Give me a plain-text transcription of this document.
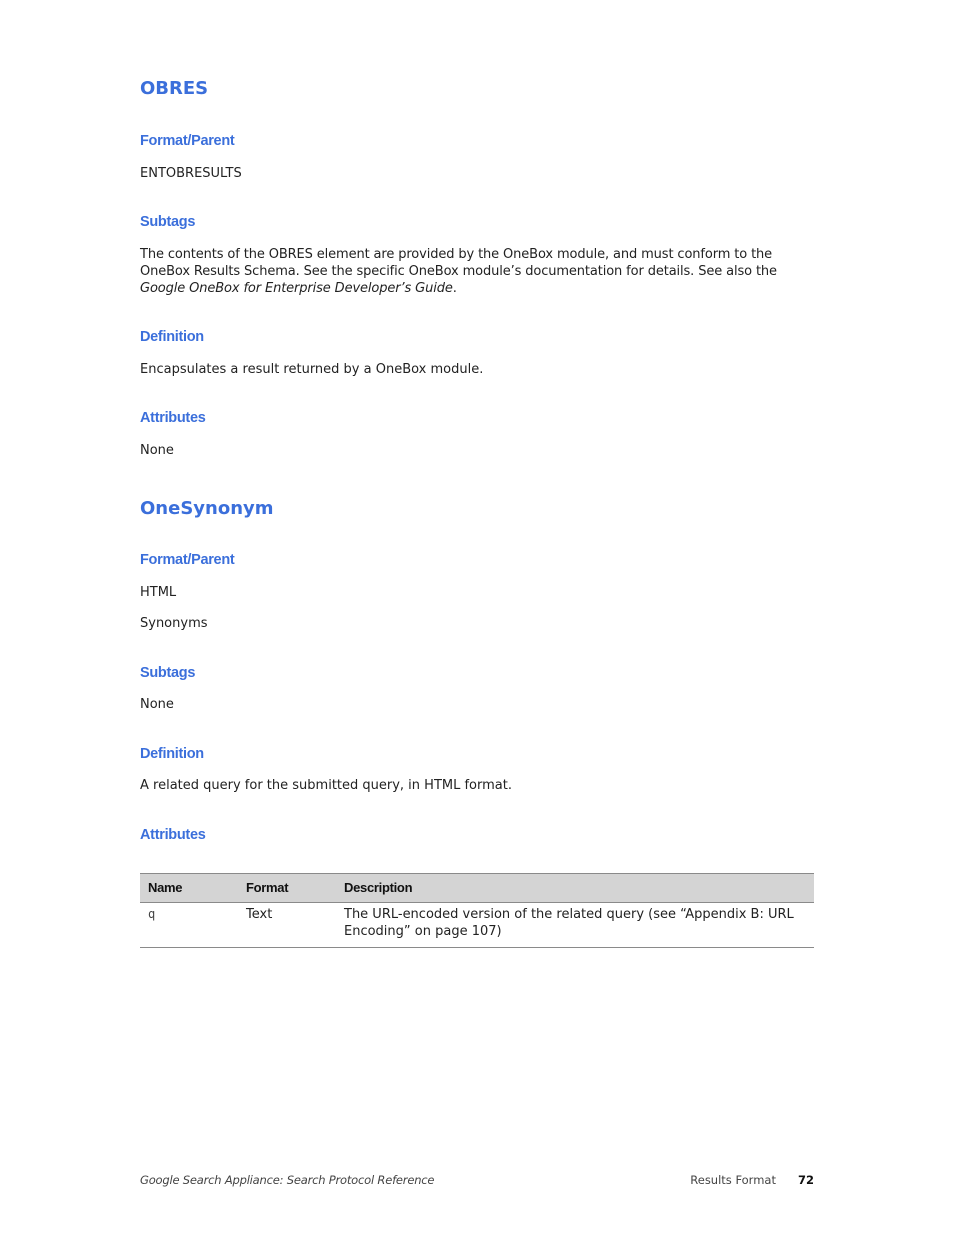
OBRES
Format/Parent

ENTOBRESULTS

Subtags
The contents of the OBRES element are provided by the OneBox module, and must conform to the
OneBox Results Schema. See the specific OneBox module’s documentation for details. See also the
Google OneBox for Enterprise Developer’s Guide.
Definition

Encapsulates a result returned by a OneBox module.

Attributes

None

OneSynonym
Format/Parent

HTML

Synonyms

Subtags

None

Definition

A related query for the submitted query, in HTML format.

Attributes
Name	Format	Description
q	Text	The URL-encoded version of the related query (see “Appendix B: URL Encoding” on page 107)
Google Search Appliance: Search Protocol Reference	Results Format 72
